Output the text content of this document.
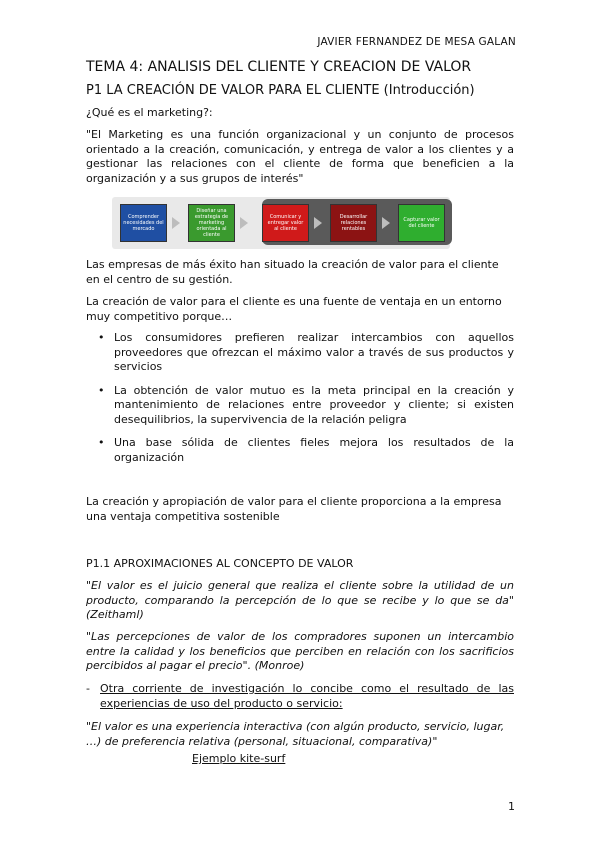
JAVIER FERNANDEZ DE MESA GALAN
TEMA 4: ANALISIS DEL CLIENTE Y CREACION DE VALOR
P1 LA CREACIÓN DE VALOR PARA EL CLIENTE (Introducción)
¿Qué es el marketing?:
"El Marketing es una función organizacional y un conjunto de procesos orientado a la creación, comunicación, y entrega de valor a los clientes y a gestionar las relaciones con el cliente de forma que beneficien a la organización y a sus grupos de interés"
Comprender necesidades del mercado
Diseñar una estrategia de marketing orientada al cliente
Comunicar y entregar valor al cliente
Desarrollar relaciones rentables
Capturar valor del cliente
Las empresas de más éxito han situado la creación de valor para el cliente en el centro de su gestión.
La creación de valor para el cliente es una fuente de ventaja en un entorno muy competitivo porque…
• Los consumidores prefieren realizar intercambios con aquellos proveedores que ofrezcan el máximo valor a través de sus productos y servicios
• La obtención de valor mutuo es la meta principal en la creación y mantenimiento de relaciones entre proveedor y cliente; si existen desequilibrios, la supervivencia de la relación peligra
• Una base sólida de clientes fieles mejora los resultados de la organización
La creación y apropiación de valor para el cliente proporciona a la empresa una ventaja competitiva sostenible
P1.1 APROXIMACIONES AL CONCEPTO DE VALOR
"El valor es el juicio general que realiza el cliente sobre la utilidad de un producto, comparando la percepción de lo que se recibe y lo que se da" (Zeithaml)
"Las percepciones de valor de los compradores suponen un intercambio entre la calidad y los beneficios que perciben en relación con los sacrificios percibidos al pagar el precio". (Monroe)
- Otra corriente de investigación lo concibe como el resultado de las experiencias de uso del producto o servicio:
"El valor es una experiencia interactiva (con algún producto, servicio, lugar, …) de preferencia relativa (personal, situacional, comparativa)"
Ejemplo kite-surf
1
